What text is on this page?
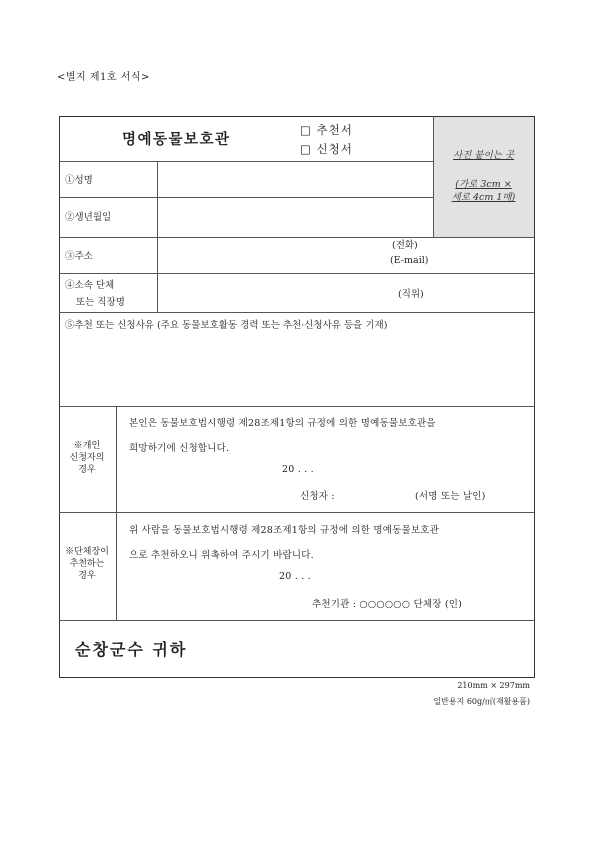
<별지 제1호 서식>
사진 붙이는 곳
(가로 3cm ×
세로 4cm 1매)
명예동물보호관
□ 추천서
□ 신청서
①성명
②생년월일
③주소
(전화)
(E-mail)
④소속 단체
또는 직장명
(직위)
⑤추천 또는 신청사유 (주요 동물보호활동 경력 또는 추천·신청사유 등을 기재)
※개인
신청자의
경우
본인은 동물보호법시행령 제28조제1항의 규정에 의한 명예동물보호관을
희망하기에 신청합니다.
20 . . .
신청자 :	(서명 또는 날인)
※단체장이
추천하는
경우
위 사람을 동물보호법시행령 제28조제1항의 규정에 의한 명예동물보호관
으로 추천하오니 위촉하여 주시기 바랍니다.
20 . . .
추천기관 : ○○○○○○ 단체장 (인)
순창군수 귀하
210mm × 297mm
일반용지 60g/㎡(재활용품)
